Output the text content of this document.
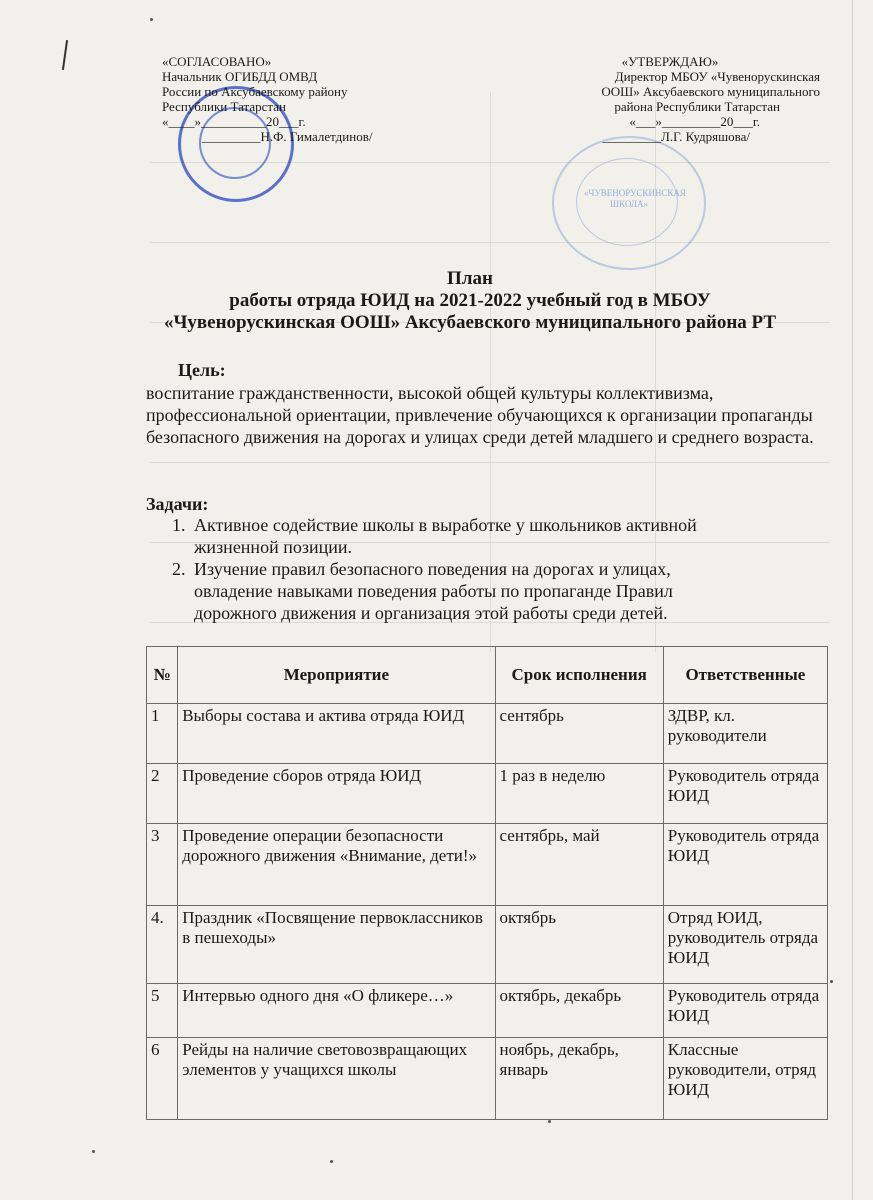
«ЧУВЕНОРУСКИНСКАЯ ШКОЛА»
«СОГЛАСОВАНО»
Начальник ОГИБДД ОМВД
России по Аксубаевскому району
Республики Татарстан
«____»__________20___г.
_________Н.Ф. Гималетдинов/
«УТВЕРЖДАЮ»
Директор МБОУ «Чувенорускинская
ООШ» Аксубаевского муниципального
района Республики Татарстан
«___»_________20___г.
_________Л.Г. Кудряшова/
План
работы отряда ЮИД на 2021-2022 учебный год в МБОУ
«Чувенорускинская ООШ» Аксубаевского муниципального района РТ
Цель:
воспитание гражданственности, высокой общей культуры коллективизма, профессиональной ориентации, привлечение обучающихся к организации пропаганды безопасного движения на дорогах и улицах среди детей младшего и среднего возраста.
Задачи:
1. Активное содействие школы в выработке у школьников активной жизненной позиции.
2. Изучение правил безопасного поведения на дорогах и улицах, овладение навыками поведения работы по пропаганде Правил дорожного движения и организация этой работы среди детей.
№	Мероприятие	Срок исполнения	Ответственные
1	Выборы состава и актива отряда ЮИД	сентябрь	ЗДВР, кл. руководители
2	Проведение сборов отряда ЮИД	1 раз в неделю	Руководитель отряда ЮИД
3	Проведение операции безопасности дорожного движения «Внимание, дети!»	сентябрь, май	Руководитель отряда ЮИД
4.	Праздник «Посвящение первоклассников в пешеходы»	октябрь	Отряд ЮИД, руководитель отряда ЮИД
5	Интервью одного дня «О фликере…»	октябрь, декабрь	Руководитель отряда ЮИД
6	Рейды на наличие световозвращающих элементов у учащихся школы	ноябрь, декабрь, январь	Классные руководители, отряд ЮИД
